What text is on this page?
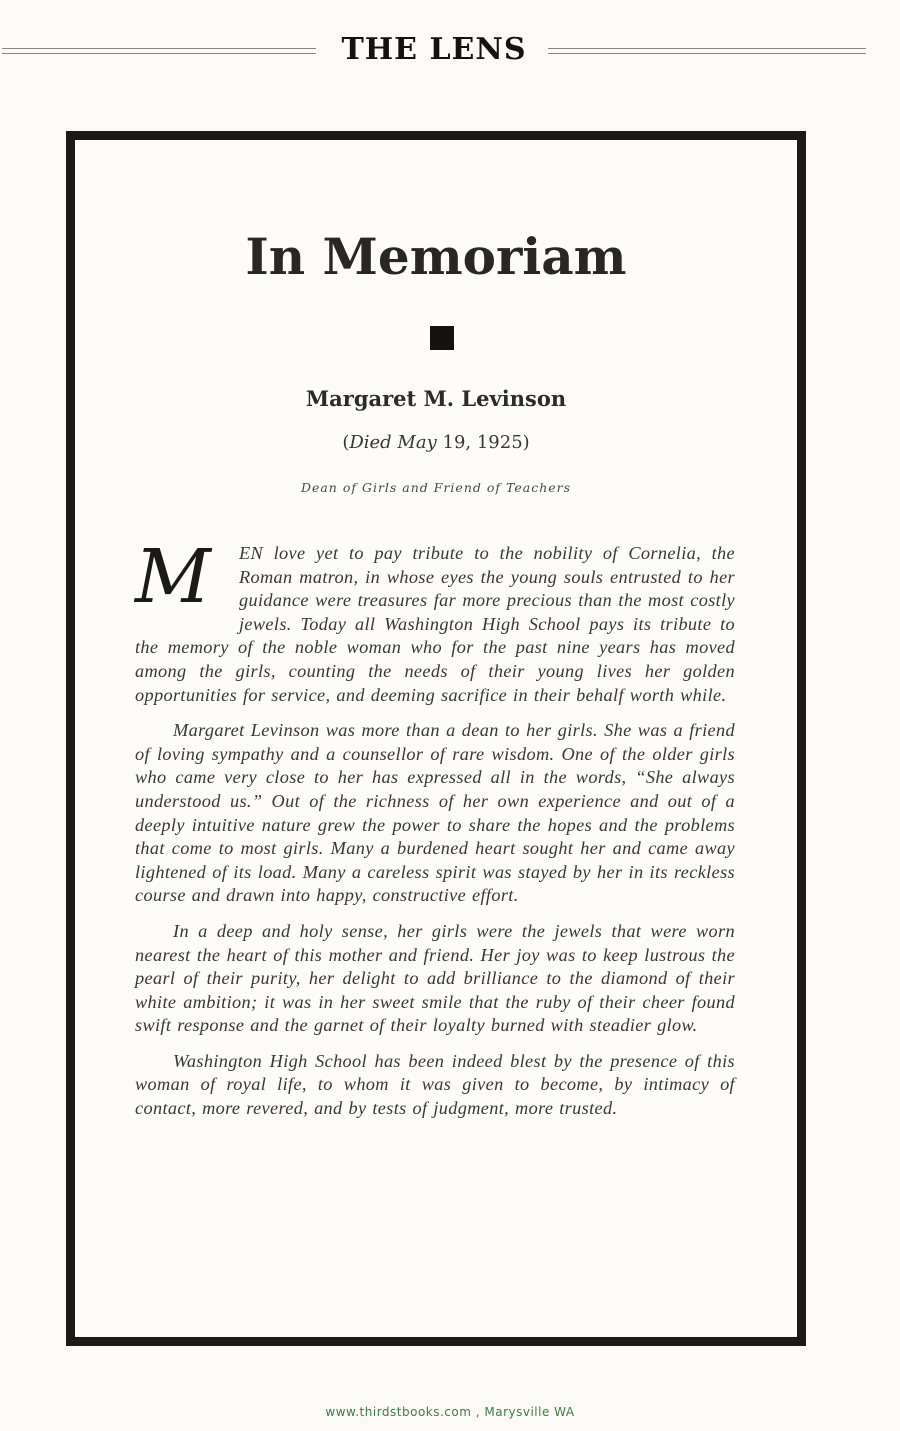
THE LENS
In Memoriam
Margaret M. Levinson
(Died May 19, 1925)
Dean of Girls and Friend of Teachers

M	EN love yet to pay tribute to the nobility of Cornelia, the Roman matron, in whose eyes the young souls entrusted to her guidance were treasures far more precious than the most costly jewels. Today all Washington High School pays its tribute to the memory of the noble woman who for the past nine years has moved among the girls, counting the needs of their young lives her golden opportunities for service, and deeming sacrifice in their behalf worth while.

Margaret Levinson was more than a dean to her girls. She was a friend of loving sympathy and a counsellor of rare wisdom. One of the older girls who came very close to her has expressed all in the words, “She always understood us.” Out of the richness of her own experience and out of a deeply intuitive nature grew the power to share the hopes and the problems that come to most girls. Many a burdened heart sought her and came away lightened of its load. Many a careless spirit was stayed by her in its reckless course and drawn into happy, constructive effort.

In a deep and holy sense, her girls were the jewels that were worn nearest the heart of this mother and friend. Her joy was to keep lustrous the pearl of their purity, her delight to add brilliance to the diamond of their white ambition; it was in her sweet smile that the ruby of their cheer found swift response and the garnet of their loyalty burned with steadier glow.

Washington High School has been indeed blest by the presence of this woman of royal life, to whom it was given to become, by intimacy of contact, more revered, and by tests of judgment, more trusted.

www.thirdstbooks.com , Marysville WA
